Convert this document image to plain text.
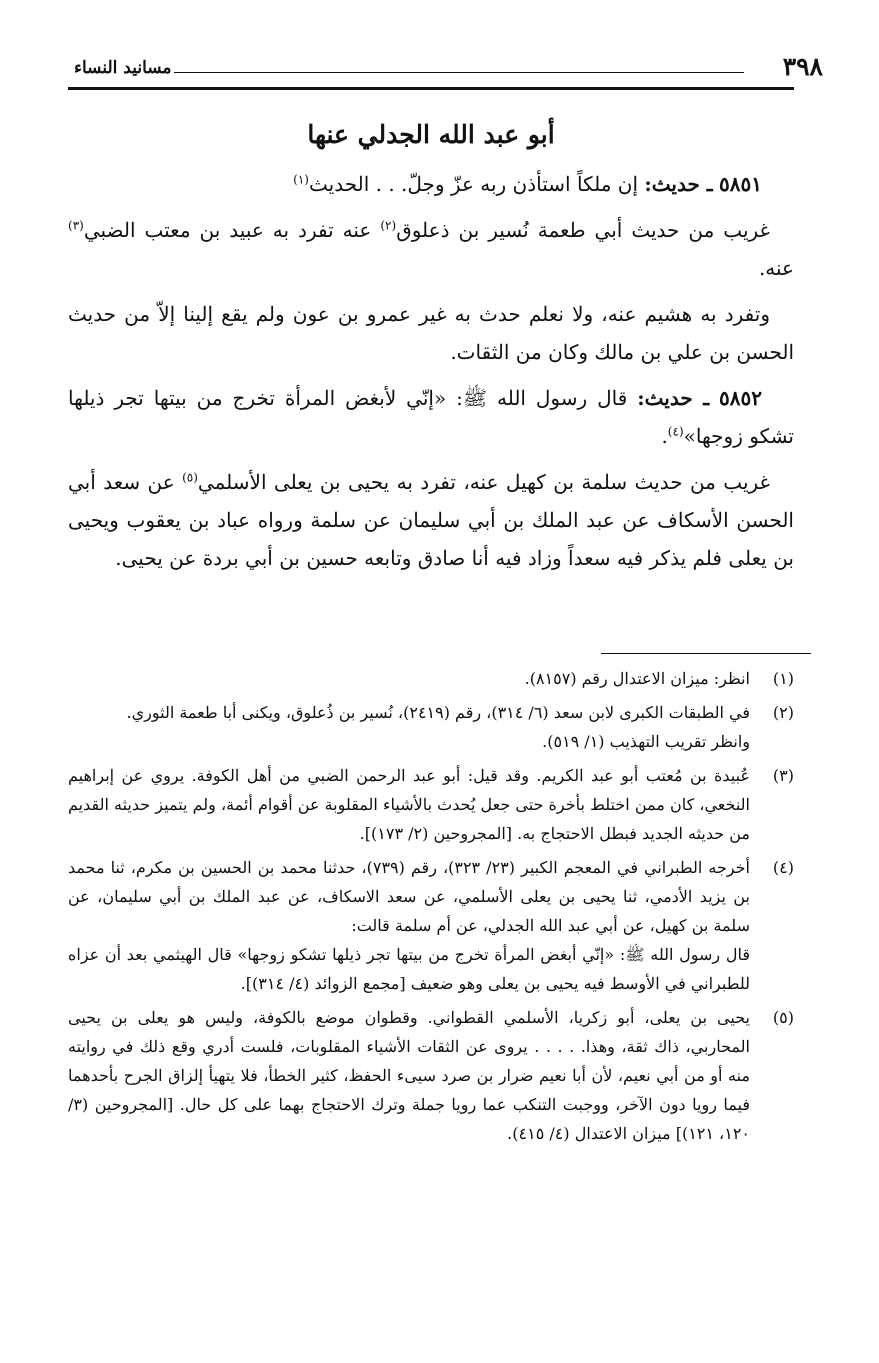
٣٩٨
مسانيد النساء
أبو عبد الله الجدلي عنها

٥٨٥١ ـ حديث: إن ملكاً استأذن ربه عزّ وجلّ. . . الحديث$^{(١)}$

غريب من حديث أبي طعمة نُسير بن ذعلوق$^{(٢)}$ عنه تفرد به عبيد بن معتب الضبي$^{(٣)}$ عنه.

وتفرد به هشيم عنه، ولا نعلم حدث به غير عمرو بن عون ولم يقع إلينا إلاّ من حديث الحسن بن علي بن مالك وكان من الثقات.

٥٨٥٢ ـ حديث: قال رسول الله ﷺ: «إنّي لأبغض المرأة تخرج من بيتها تجر ذيلها تشكو زوجها»$^{(٤)}$.

غريب من حديث سلمة بن كهيل عنه، تفرد به يحيى بن يعلى الأسلمي$^{(٥)}$ عن سعد أبي الحسن الأسكاف عن عبد الملك بن أبي سليمان عن سلمة ورواه عباد بن يعقوب ويحيى بن يعلى فلم يذكر فيه سعداً وزاد فيه أنا صادق وتابعه حسين بن أبي بردة عن يحيى.

(١)
انظر: ميزان الاعتدال رقم (٨١٥٧).
(٢)
في الطبقات الكبرى لابن سعد (٦/ ٣١٤)، رقم (٢٤١٩)، نُسير بن ذُعلوق، ويكنى أبا طعمة الثوري.
وانظر تقريب التهذيب (١/ ٥١٩).
(٣)
عُبيدة بن مُعتب أبو عبد الكريم. وقد قيل: أبو عبد الرحمن الضبي من أهل الكوفة. يروي عن إبراهيم النخعي، كان ممن اختلط بأخرة حتى جعل يُحدث بالأشياء المقلوبة عن أقوام أئمة، ولم يتميز حديثه القديم من حديثه الجديد فبطل الاحتجاج به. [المجروحين (٢/ ١٧٣)].
(٤)
أخرجه الطبراني في المعجم الكبير (٢٣/ ٣٢٣)، رقم (٧٣٩)، حدثنا محمد بن الحسين بن مكرم، ثنا محمد بن يزيد الأدمي، ثنا يحيى بن يعلى الأسلمي، عن سعد الاسكاف، عن عبد الملك بن أبي سليمان، عن سلمة بن كهيل، عن أبي عبد الله الجدلي، عن أم سلمة قالت:
قال رسول الله ﷺ: «إنّي أبغض المرأة تخرج من بيتها تجر ذيلها تشكو زوجها» قال الهيثمي بعد أن عزاه للطبراني في الأوسط فيه يحيى بن يعلى وهو ضعيف [مجمع الزوائد (٤/ ٣١٤)].
(٥)
يحيى بن يعلى، أبو زكريا، الأسلمي القطواني. وقطوان موضع بالكوفة، وليس هو يعلى بن يحيى المحاربي، ذاك ثقة، وهذا. . . . . يروى عن الثقات الأشياء المقلوبات، فلست أدري وقع ذلك في روايته منه أو من أبي نعيم، لأن أبا نعيم ضرار بن صرد سيىء الحفظ، كثير الخطأ، فلا يتهيأ إلزاق الجرح بأحدهما فيما رويا دون الآخر، ووجبت التنكب عما رويا جملة وترك الاحتجاج بهما على كل حال. [المجروحين (٣/ ١٢٠، ١٢١)] ميزان الاعتدال (٤/ ٤١٥).
